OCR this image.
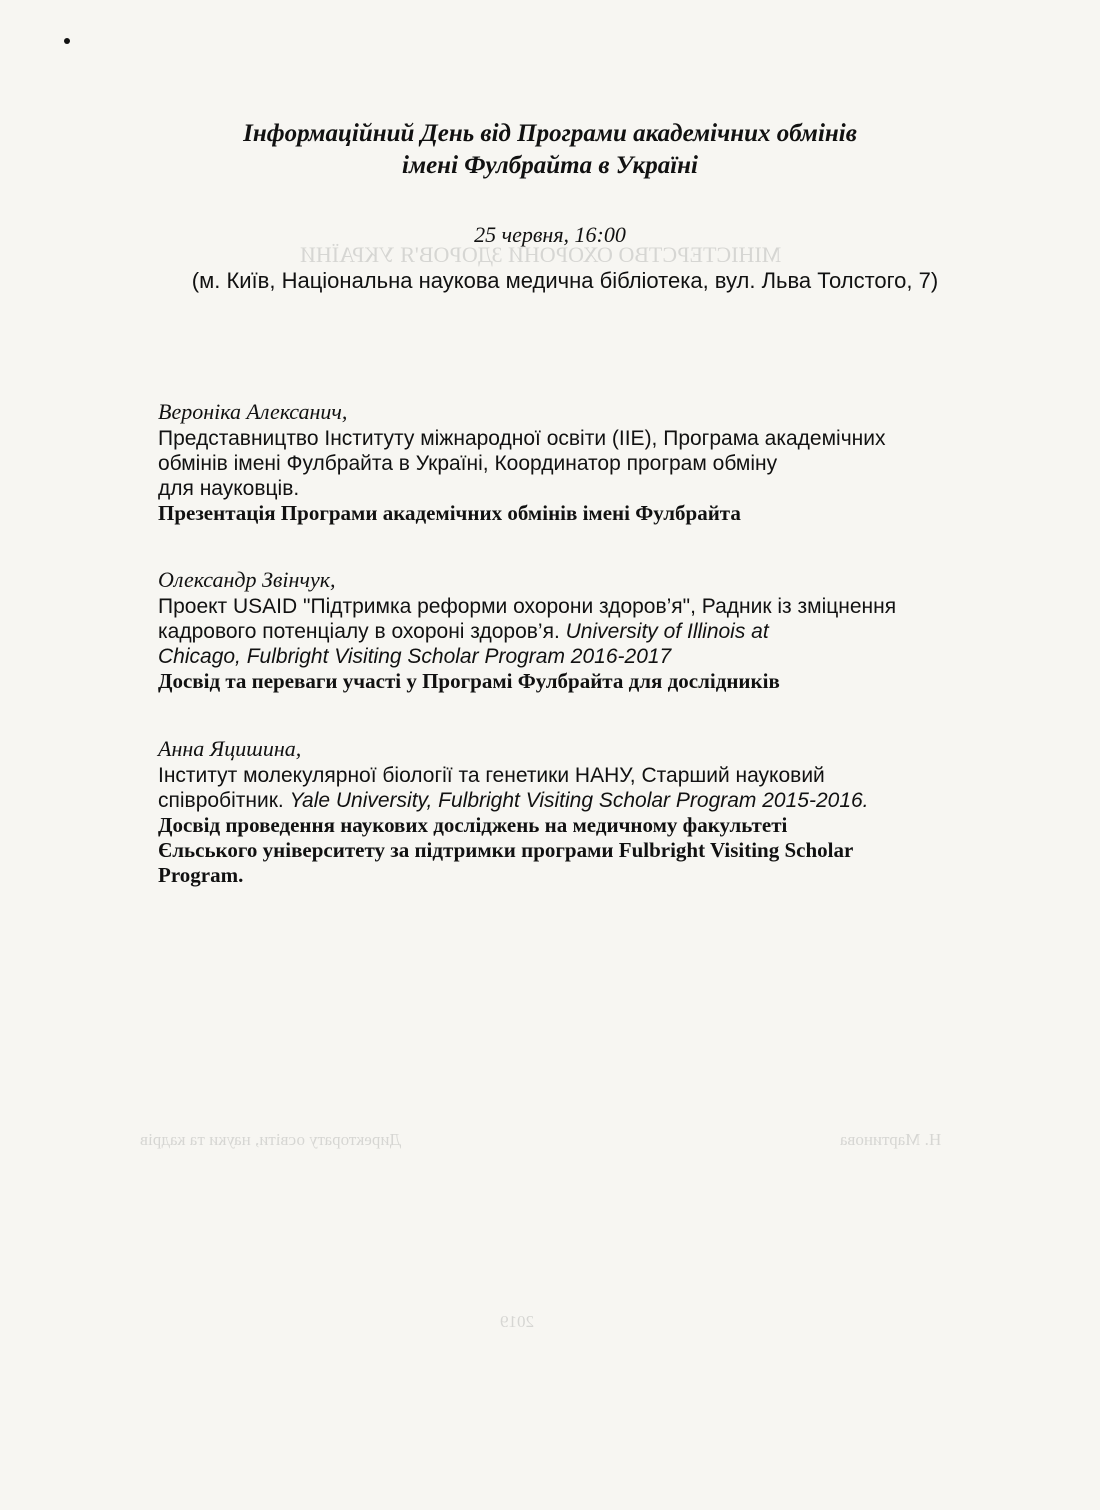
МІНІСТЕРСТВО ОХОРОНИ ЗДОРОВ'Я УКРАЇНИ
Директорату освіти, науки та кадрів	Н. Мартинова
2019
Інформаційний День від Програми академічних обмінів
імені Фулбрайта в Україні
25 червня, 16:00
(м. Київ, Національна наукова медична бібліотека, вул. Льва Толстого, 7)
Вероніка Алексанич,
Представництво Інституту міжнародної освіти (IIE), Програма академічних
обмінів імені Фулбрайта в Україні, Координатор програм обміну
для науковців.
Презентація Програми академічних обмінів імені Фулбрайта
Олександр Звінчук,
Проект USAID "Підтримка реформи охорони здоров’я", Радник із зміцнення
кадрового потенціалу в охороні здоров’я. University of Illinois at
Chicago, Fulbright Visiting Scholar Program 2016-2017
Досвід та переваги участі у Програмі Фулбрайта для дослідників
Анна Яцишина,
Інститут молекулярної біології та генетики НАНУ, Старший науковий
співробітник. Yale University, Fulbright Visiting Scholar Program 2015-2016.
Досвід проведення наукових досліджень на медичному факультеті
Єльського університету за підтримки програми Fulbright Visiting Scholar
Program.
